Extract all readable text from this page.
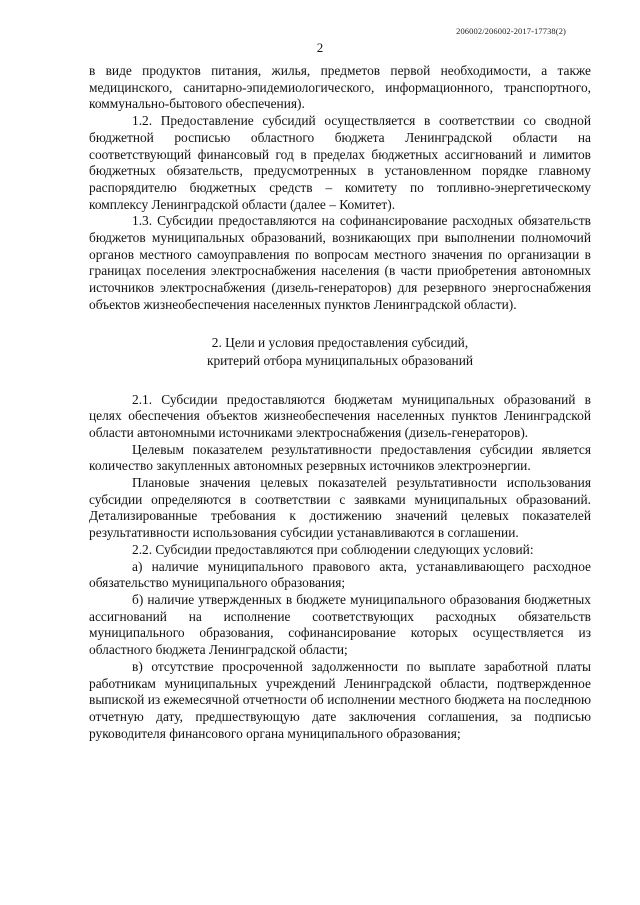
206002/206002-2017-17738(2)
2

в виде продуктов питания, жилья, предметов первой необходимости, а также медицинского, санитарно-эпидемиологического, информационного, транспортного, коммунально-бытового обеспечения).

1.2. Предоставление субсидий осуществляется в соответствии со сводной бюджетной росписью областного бюджета Ленинградской области на соответствующий финансовый год в пределах бюджетных ассигнований и лимитов бюджетных обязательств, предусмотренных в установленном порядке главному распорядителю бюджетных средств – комитету по топливно-энергетическому комплексу Ленинградской области (далее – Комитет).

1.3. Субсидии предоставляются на софинансирование расходных обязательств бюджетов муниципальных образований, возникающих при выполнении полномочий органов местного самоуправления по вопросам местного значения по организации в границах поселения электроснабжения населения (в части приобретения автономных источников электроснабжения (дизель-генераторов) для резервного энергоснабжения объектов жизнеобеспечения населенных пунктов Ленинградской области).

2. Цели и условия предоставления субсидий,
критерий отбора муниципальных образований

2.1. Субсидии предоставляются бюджетам муниципальных образований в целях обеспечения объектов жизнеобеспечения населенных пунктов Ленинградской области автономными источниками электроснабжения (дизель-генераторов).

Целевым показателем результативности предоставления субсидии является количество закупленных автономных резервных источников электроэнергии.

Плановые значения целевых показателей результативности использования субсидии определяются в соответствии с заявками муниципальных образований. Детализированные требования к достижению значений целевых показателей результативности использования субсидии устанавливаются в соглашении.

2.2. Субсидии предоставляются при соблюдении следующих условий:

а) наличие муниципального правового акта, устанавливающего расходное обязательство муниципального образования;

б) наличие утвержденных в бюджете муниципального образования бюджетных ассигнований на исполнение соответствующих расходных обязательств муниципального образования, софинансирование которых осуществляется из областного бюджета Ленинградской области;

в) отсутствие просроченной задолженности по выплате заработной платы работникам муниципальных учреждений Ленинградской области, подтвержденное выпиской из ежемесячной отчетности об исполнении местного бюджета на последнюю отчетную дату, предшествующую дате заключения соглашения, за подписью руководителя финансового органа муниципального образования;
